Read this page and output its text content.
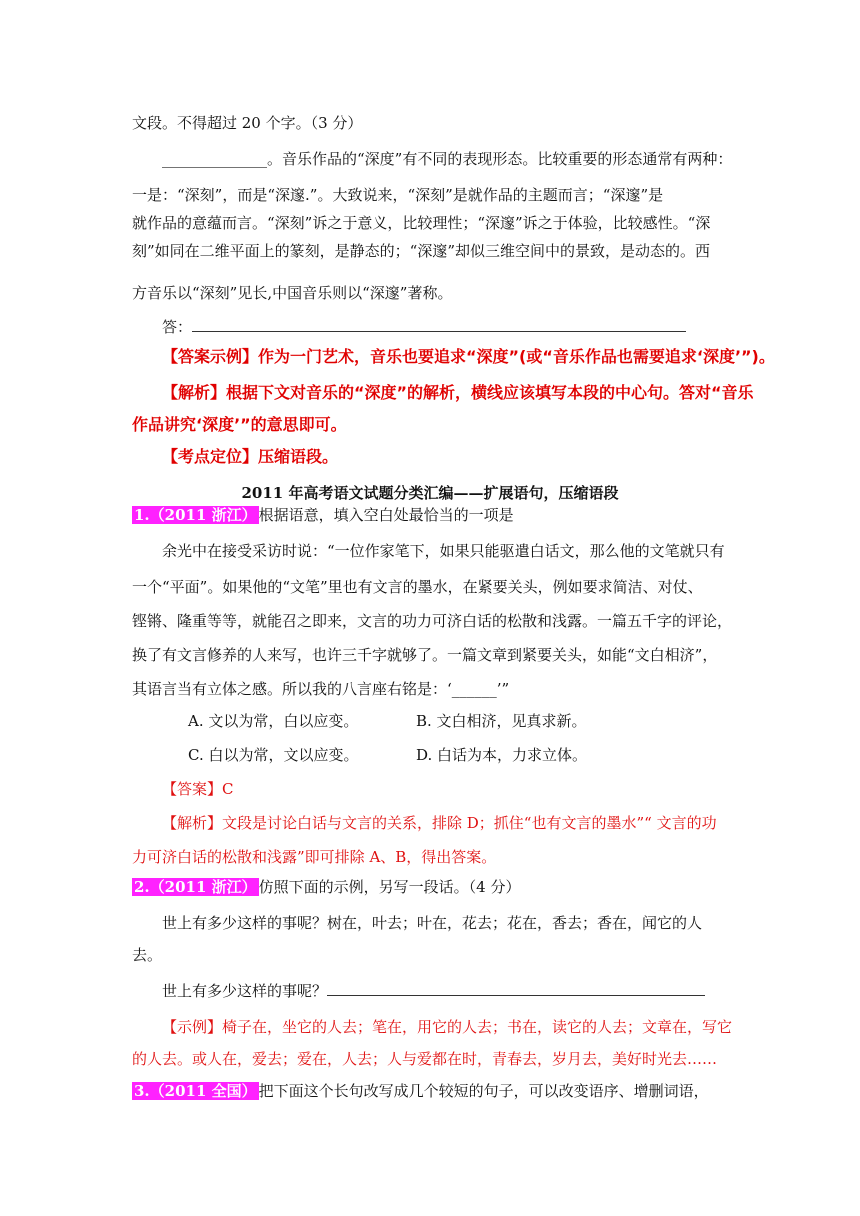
文段。不得超过 20 个字。（3 分）
______________。音乐作品的“深度”有不同的表现形态。比较重要的形态通常有两种：
一是：“深刻”，而是“深邃.”。大致说来，“深刻”是就作品的主题而言；“深邃”是
就作品的意蕴而言。“深刻”诉之于意义，比较理性；“深邃”诉之于体验，比较感性。“深
刻”如同在二维平面上的篆刻，是静态的；“深邃”却似三维空间中的景致，是动态的。西
方音乐以“深刻”见长,中国音乐则以“深邃”著称。
答：
【答案示例】作为一门艺术，音乐也要追求“深度”(或“音乐作品也需要追求‘深度’”)。
【解析】根据下文对音乐的“深度”的解析，横线应该填写本段的中心句。答对“音乐
作品讲究‘深度’”的意思即可。
【考点定位】压缩语段。
2011 年高考语文试题分类汇编——扩展语句，压缩语段
1.（2011 浙江） 根据语意，填入空白处最恰当的一项是
余光中在接受采访时说：“一位作家笔下，如果只能驱遣白话文，那么他的文笔就只有
一个“平面”。如果他的“文笔”里也有文言的墨水，在紧要关头，例如要求简洁、对仗、
铿锵、隆重等等，就能召之即来，文言的功力可济白话的松散和浅露。一篇五千字的评论，
换了有文言修养的人来写，也许三千字就够了。一篇文章到紧要关头，如能“文白相济”，
其语言当有立体之感。所以我的八言座右铭是：‘______’”
A. 文以为常，白以应变。	B. 文白相济，见真求新。
C. 白以为常，文以应变。	D. 白话为本，力求立体。
【答案】C
【解析】文段是讨论白话与文言的关系，排除 D；抓住“也有文言的墨水”“ 文言的功
力可济白话的松散和浅露”即可排除 A、B，得出答案。
2.（2011 浙江） 仿照下面的示例，另写一段话。（4 分）
世上有多少这样的事呢？树在，叶去；叶在，花去；花在，香去；香在，闻它的人
去。
世上有多少这样的事呢？
【示例】椅子在，坐它的人去；笔在，用它的人去；书在，读它的人去；文章在，写它
的人去。或人在，爱去；爱在，人去；人与爱都在时，青春去，岁月去，美好时光去……
3.（2011 全国） 把下面这个长句改写成几个较短的句子，可以改变语序、增删词语，
